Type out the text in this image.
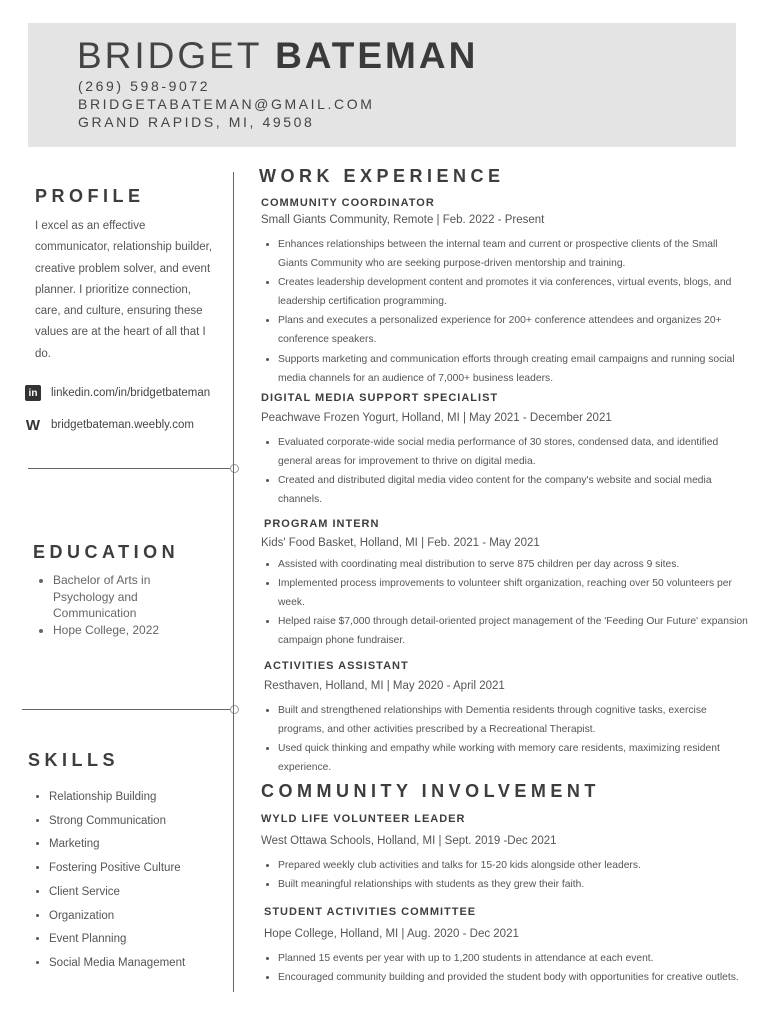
BRIDGET BATEMAN
(269) 598-9072
BRIDGETABATEMAN@GMAIL.COM
GRAND RAPIDS, MI, 49508
PROFILE
I excel as an effective communicator, relationship builder, creative problem solver, and event planner. I prioritize connection, care, and culture, ensuring these values are at the heart of all that I do.
in	linkedin.com/in/bridgetbateman
W bridgetbateman.weebly.com
EDUCATION
• Bachelor of Arts in Psychology and Communication
• Hope College, 2022
SKILLS
• Relationship Building
• Strong Communication
• Marketing
• Fostering Positive Culture
• Client Service
• Organization
• Event Planning
• Social Media Management
WORK EXPERIENCE
COMMUNITY COORDINATOR
Small Giants Community, Remote | Feb. 2022 - Present
• Enhances relationships between the internal team and current or prospective clients of the Small Giants Community who are seeking purpose-driven mentorship and training.
• Creates leadership development content and promotes it via conferences, virtual events, blogs, and leadership certification programming.
• Plans and executes a personalized experience for 200+ conference attendees and organizes 20+ conference speakers.
• Supports marketing and communication efforts through creating email campaigns and running social media channels for an audience of 7,000+ business leaders.
DIGITAL MEDIA SUPPORT SPECIALIST
Peachwave Frozen Yogurt, Holland, MI | May 2021 - December 2021
• Evaluated corporate-wide social media performance of 30 stores, condensed data, and identified general areas for improvement to thrive on digital media.
• Created and distributed digital media video content for the company's website and social media channels.
PROGRAM INTERN
Kids' Food Basket, Holland, MI | Feb. 2021 - May 2021
• Assisted with coordinating meal distribution to serve 875 children per day across 9 sites.
• Implemented process improvements to volunteer shift organization, reaching over 50 volunteers per week.
• Helped raise $7,000 through detail-oriented project management of the 'Feeding Our Future' expansion campaign phone fundraiser.
ACTIVITIES ASSISTANT
Resthaven, Holland, MI | May 2020 - April 2021
• Built and strengthened relationships with Dementia residents through cognitive tasks, exercise programs, and other activities prescribed by a Recreational Therapist.
• Used quick thinking and empathy while working with memory care residents, maximizing resident experience.
COMMUNITY INVOLVEMENT
WYLD LIFE VOLUNTEER LEADER
West Ottawa Schools, Holland, MI | Sept. 2019 -Dec 2021
• Prepared weekly club activities and talks for 15-20 kids alongside other leaders.
• Built meaningful relationships with students as they grew their faith.
STUDENT ACTIVITIES COMMITTEE
Hope College, Holland, MI | Aug. 2020 - Dec 2021
• Planned 15 events per year with up to 1,200 students in attendance at each event.
• Encouraged community building and provided the student body with opportunities for creative outlets.
